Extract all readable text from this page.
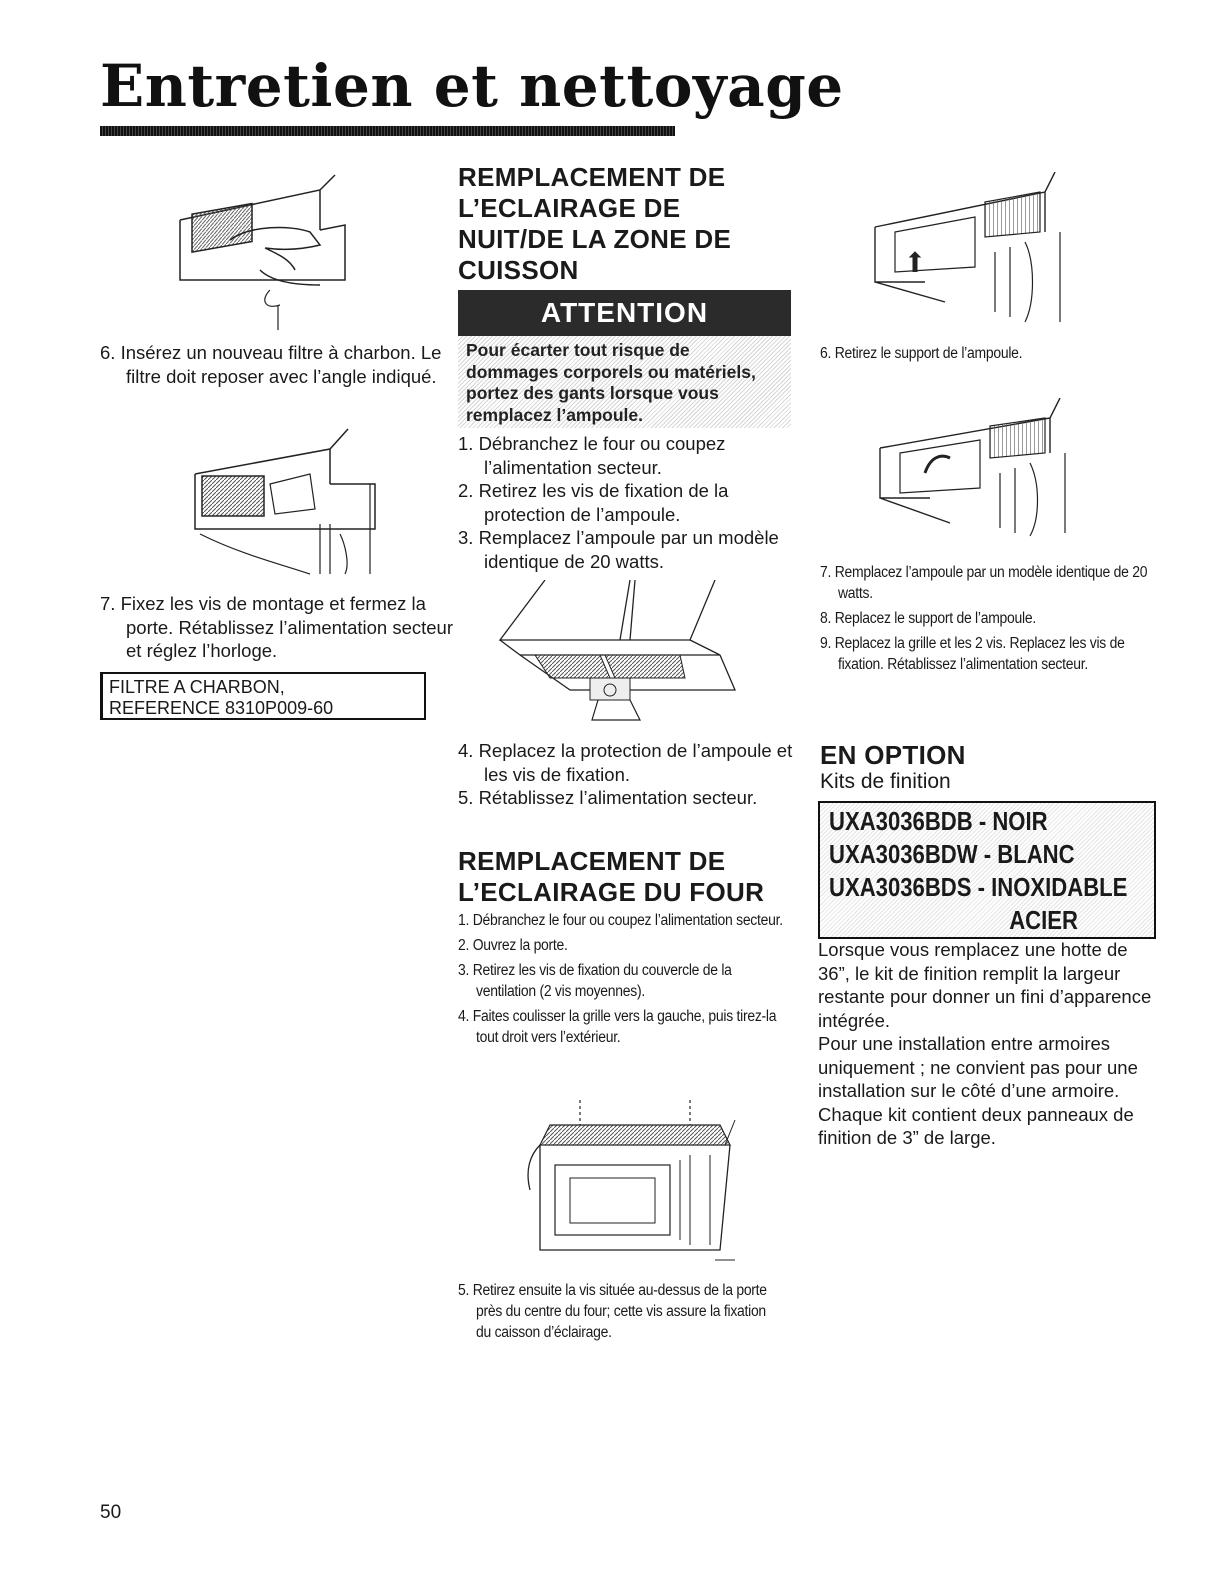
Entretien et nettoyage
6. Insérez un nouveau filtre à charbon. Le filtre doit reposer avec l’angle indiqué.
7. Fixez les vis de montage et fermez la porte. Rétablissez l’alimentation secteur et réglez l’horloge.
FILTRE A CHARBON,
REFERENCE 8310P009-60
REMPLACEMENT DE L’ECLAIRAGE DE NUIT/DE LA ZONE DE CUISSON
ATTENTION
Pour écarter tout risque de dommages corporels ou matériels, portez des gants lorsque vous remplacez l’ampoule.
1. Débranchez le four ou coupez l’alimentation secteur.
2. Retirez les vis de fixation de la protection de l’ampoule.
3. Remplacez l’ampoule par un modèle identique de 20 watts.
4. Replacez la protection de l’ampoule et les vis de fixation.
5. Rétablissez l’alimentation secteur.
REMPLACEMENT DE L’ECLAIRAGE DU FOUR
1. Débranchez le four ou coupez l’alimentation secteur.
2. Ouvrez la porte.
3. Retirez les vis de fixation du couvercle de la ventilation (2 vis moyennes).
4. Faites coulisser la grille vers la gauche, puis tirez-la tout droit vers l’extérieur.
5. Retirez ensuite la vis située au-dessus de la porte près du centre du four; cette vis assure la fixation du caisson d’éclairage.
6. Retirez le support de l’ampoule.
7. Remplacez l’ampoule par un modèle identique de 20 watts.
8. Replacez le support de l’ampoule.
9. Replacez la grille et les 2 vis. Replacez les vis de fixation. Rétablissez l’alimentation secteur.
EN OPTION
Kits de finition
UXA3036BDB - NOIR
UXA3036BDW - BLANC
UXA3036BDS - INOXIDABLE
ACIER
Lorsque vous remplacez une hotte de 36”, le kit de finition remplit la largeur restante pour donner un fini d’apparence intégrée.
Pour une installation entre armoires uniquement ; ne convient pas pour une installation sur le côté d’une armoire.
Chaque kit contient deux panneaux de finition de 3” de large.
50
